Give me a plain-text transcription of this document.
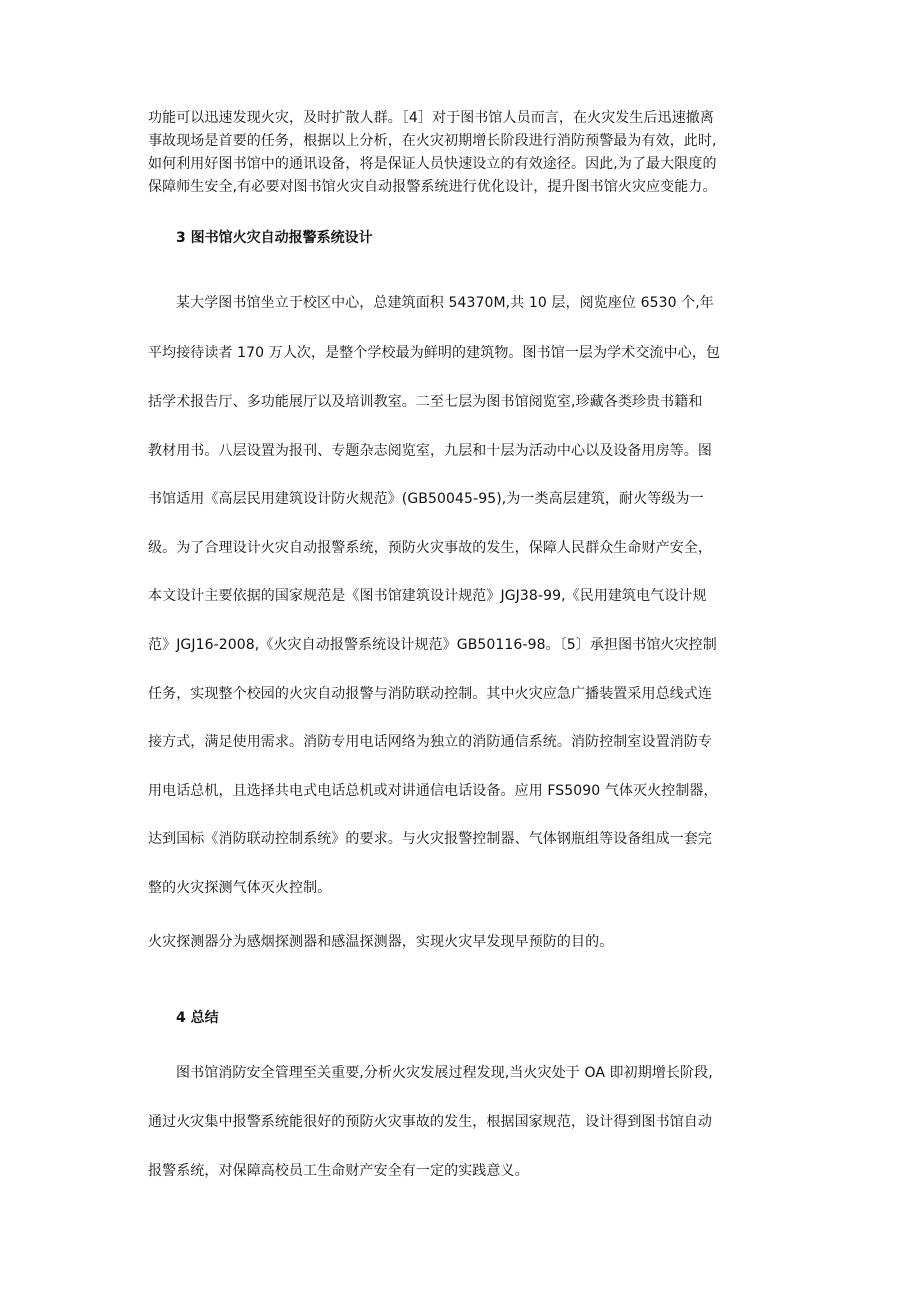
功能可以迅速发现火灾，及时扩散人群。［4］对于图书馆人员而言，在火灾发生后迅速撤离
事故现场是首要的任务，根据以上分析，在火灾初期增长阶段进行消防预警最为有效，此时,
如何利用好图书馆中的通讯设备，将是保证人员快速设立的有效途径。因此,为了最大限度的
保障师生安全,有必要对图书馆火灾自动报警系统进行优化设计，提升图书馆火灾应变能力。
3 图书馆火灾自动报警系统设计
某大学图书馆坐立于校区中心，总建筑面积 54370M,共 10 层，阅览座位 6530 个,年
平均接待读者 170 万人次，是整个学校最为鲜明的建筑物。图书馆一层为学术交流中心，包
括学术报告厅、多功能展厅以及培训教室。二至七层为图书馆阅览室,珍藏各类珍贵书籍和
教材用书。八层设置为报刊、专题杂志阅览室，九层和十层为活动中心以及设备用房等。图
书馆适用《高层民用建筑设计防火规范》(GB50045-95),为一类高层建筑，耐火等级为一
级。为了合理设计火灾自动报警系统，预防火灾事故的发生，保障人民群众生命财产安全，
本文设计主要依据的国家规范是《图书馆建筑设计规范》JGJ38-99,《民用建筑电气设计规
范》JGJ16-2008,《火灾自动报警系统设计规范》GB50116-98。〔5〕承担图书馆火灾控制
任务，实现整个校园的火灾自动报警与消防联动控制。其中火灾应急广播装置采用总线式连
接方式，满足使用需求。消防专用电话网络为独立的消防通信系统。消防控制室设置消防专
用电话总机，且选择共电式电话总机或对讲通信电话设备。应用 FS5090 气体灭火控制器，
达到国标《消防联动控制系统》的要求。与火灾报警控制器、气体钢瓶组等设备组成一套完
整的火灾探测气体灭火控制。
火灾探测器分为感烟探测器和感温探测器，实现火灾早发现早预防的目的。
4 总结
图书馆消防安全管理至关重要,分析火灾发展过程发现,当火灾处于 OA 即初期增长阶段,
通过火灾集中报警系统能很好的预防火灾事故的发生，根据国家规范，设计得到图书馆自动
报警系统，对保障高校员工生命财产安全有一定的实践意义。
